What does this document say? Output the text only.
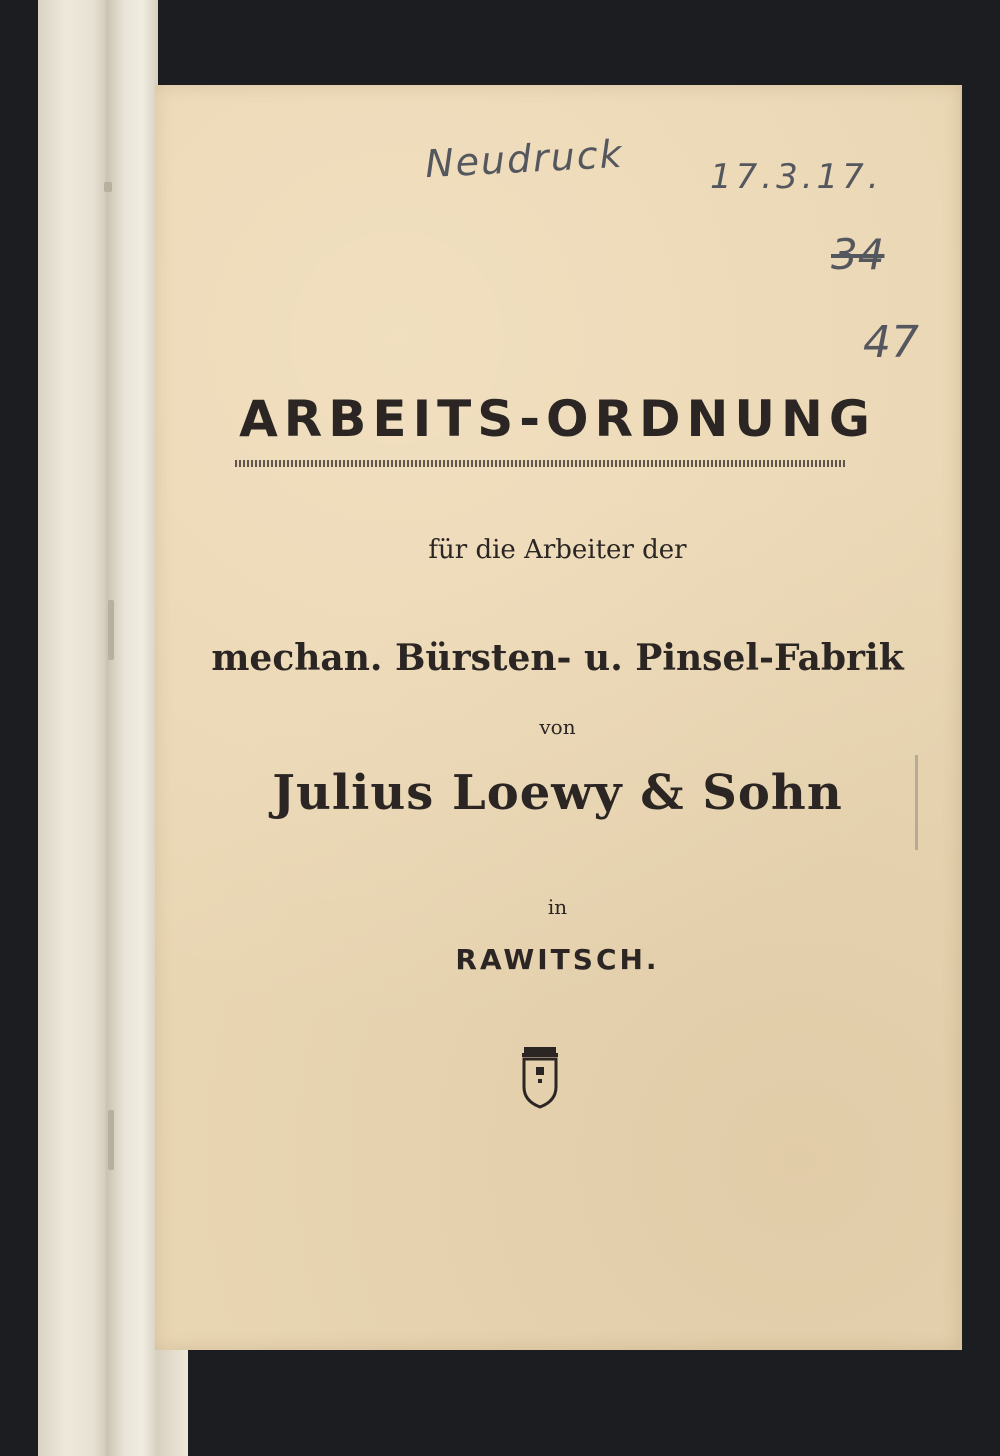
Neudruck	17.3.17.
34
47
ARBEITS-ORDNUNG
für die Arbeiter der
mechan. Bürsten- u. Pinsel-Fabrik
von
Julius Loewy & Sohn
in
RAWITSCH.
